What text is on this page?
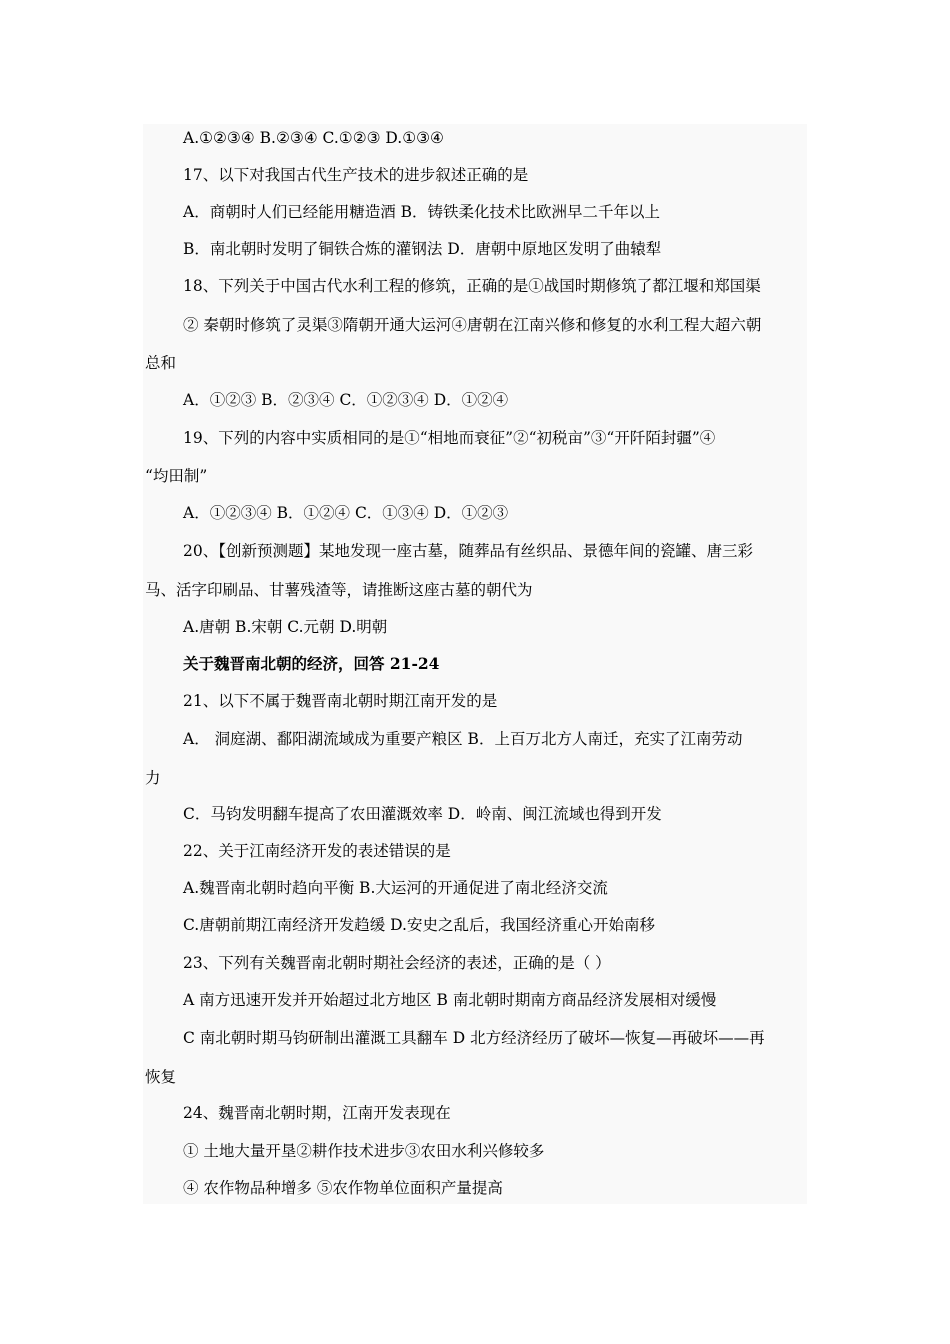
A.①②③④ B.②③④ C.①②③ D.①③④
17、以下对我国古代生产技术的进步叙述正确的是
A．商朝时人们已经能用糖造酒 B．铸铁柔化技术比欧洲早二千年以上
B．南北朝时发明了铜铁合炼的灌钢法 D．唐朝中原地区发明了曲辕犁
18、下列关于中国古代水利工程的修筑，正确的是①战国时期修筑了都江堰和郑国渠
② 秦朝时修筑了灵渠③隋朝开通大运河④唐朝在江南兴修和修复的水利工程大超六朝
总和
A．①②③ B．②③④ C．①②③④ D．①②④
19、下列的内容中实质相同的是①“相地而衰征”②“初税亩”③“开阡陌封疆”④
“均田制”
A．①②③④ B．①②④ C．①③④ D．①②③
20、【创新预测题】某地发现一座古墓，随葬品有丝织品、景德年间的瓷罐、唐三彩
马、活字印刷品、甘薯残渣等，请推断这座古墓的朝代为
A.唐朝 B.宋朝 C.元朝 D.明朝
关于魏晋南北朝的经济，回答 21-24
21、以下不属于魏晋南北朝时期江南开发的是
A． 洞庭湖、鄱阳湖流域成为重要产粮区 B．上百万北方人南迁，充实了江南劳动
力
C．马钧发明翻车提高了农田灌溉效率 D．岭南、闽江流域也得到开发
22、关于江南经济开发的表述错误的是
A.魏晋南北朝时趋向平衡 B.大运河的开通促进了南北经济交流
C.唐朝前期江南经济开发趋缓 D.安史之乱后，我国经济重心开始南移
23、下列有关魏晋南北朝时期社会经济的表述，正确的是（ ）
A 南方迅速开发并开始超过北方地区 B 南北朝时期南方商品经济发展相对缓慢
C 南北朝时期马钧研制出灌溉工具翻车 D 北方经济经历了破坏—恢复—再破坏——再
恢复
24、魏晋南北朝时期，江南开发表现在
① 土地大量开垦②耕作技术进步③农田水利兴修较多
④ 农作物品种增多 ⑤农作物单位面积产量提高
